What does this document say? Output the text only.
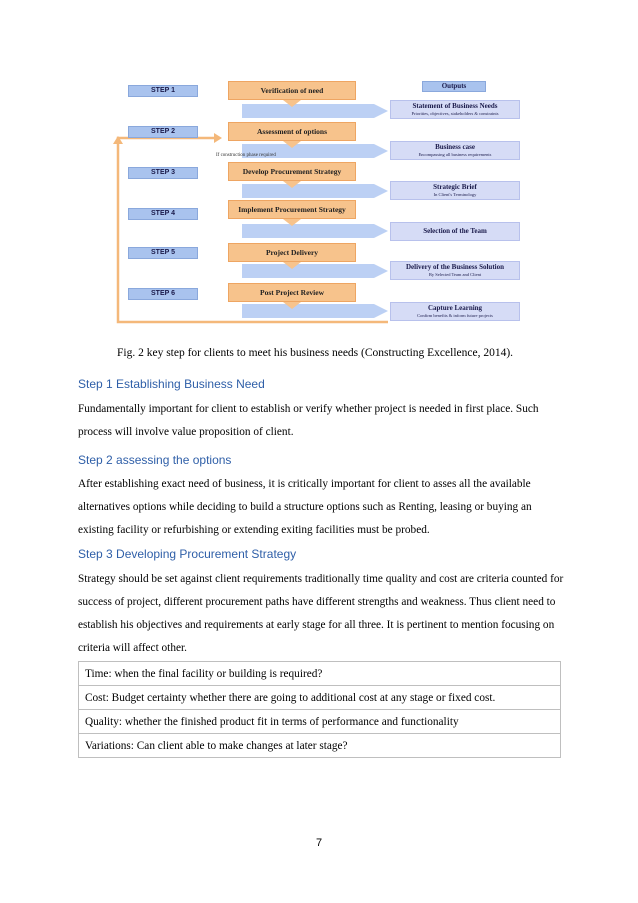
STEP 1
STEP 2
STEP 3
STEP 4
STEP 5
STEP 6
Verification of need
Assessment of options
Develop Procurement Strategy
Implement Procurement Strategy
Project Delivery
Post Project Review
If construction phase required
Outputs
Statement of Business Needs
Priorities, objectives, stakeholders & constraints
Business case
Encompassing all business requirements
Strategic Brief
In Client's Terminology
Selection of the Team
Delivery of the Business Solution
By Selected Team and Client
Capture Learning
Confirm benefits & inform future projects
Fig. 2 key step for clients to meet his business needs (Constructing Excellence, 2014).
Step 1 Establishing Business Need
Fundamentally important for client to establish or verify whether project is needed in first place. Such process will involve value proposition of client.
Step 2 assessing the options
After establishing exact need of business, it is critically important for client to asses all the available alternatives options while deciding to build a structure options such as Renting, leasing or buying an existing facility or refurbishing or extending exiting facilities must be probed.
Step 3 Developing Procurement Strategy
Strategy should be set against client requirements traditionally time quality and cost are criteria counted for success of project, different procurement paths have different strengths and weakness. Thus client need to establish his objectives and requirements at early stage for all three. It is pertinent to mention focusing on criteria will affect other.
Time: when the final facility or building is required?
Cost: Budget certainty whether there are going to additional cost at any stage or fixed cost.
Quality: whether the finished product fit in terms of performance and functionality
Variations: Can client able to make changes at later stage?
7
